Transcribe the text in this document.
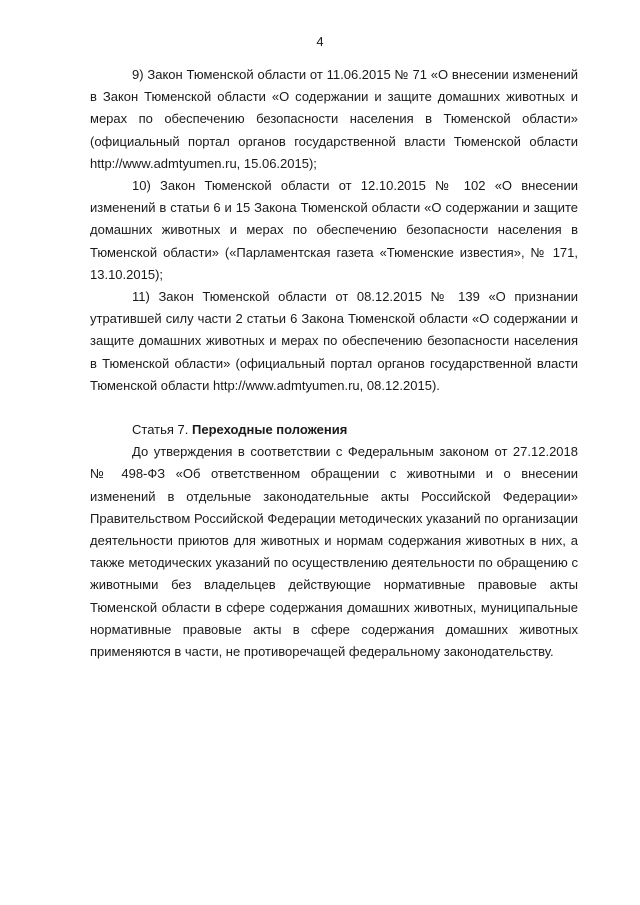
4

9) Закон Тюменской области от 11.06.2015 № 71 «О внесении изменений в Закон Тюменской области «О содержании и защите домашних животных и мерах по обеспечению безопасности населения в Тюменской области» (официальный портал органов государственной власти Тюменской области http://www.admtyumen.ru, 15.06.2015);

10) Закон Тюменской области от 12.10.2015 № 102 «О внесении изменений в статьи 6 и 15 Закона Тюменской области «О содержании и защите домашних животных и мерах по обеспечению безопасности населения в Тюменской области» («Парламентская газета «Тюменские известия», № 171, 13.10.2015);

11) Закон Тюменской области от 08.12.2015 № 139 «О признании утратившей силу части 2 статьи 6 Закона Тюменской области «О содержании и защите домашних животных и мерах по обеспечению безопасности населения в Тюменской области» (официальный портал органов государственной власти Тюменской области http://www.admtyumen.ru, 08.12.2015).

Статья 7. Переходные положения

До утверждения в соответствии с Федеральным законом от 27.12.2018 № 498-ФЗ «Об ответственном обращении с животными и о внесении изменений в отдельные законодательные акты Российской Федерации» Правительством Российской Федерации методических указаний по организации деятельности приютов для животных и нормам содержания животных в них, а также методических указаний по осуществлению деятельности по обращению с животными без владельцев действующие нормативные правовые акты Тюменской области в сфере содержания домашних животных, муниципальные нормативные правовые акты в сфере содержания домашних животных применяются в части, не противоречащей федеральному законодательству.
